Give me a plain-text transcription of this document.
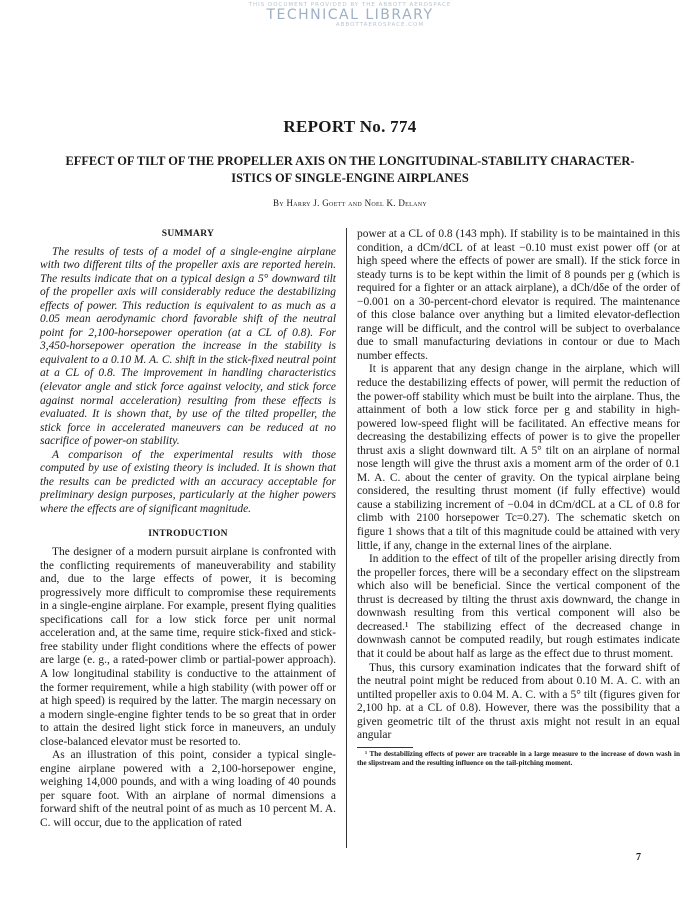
THIS DOCUMENT PROVIDED BY THE ABBOTT AEROSPACE
TECHNICAL LIBRARY
ABBOTTAEROSPACE.COM
REPORT No. 774
EFFECT OF TILT OF THE PROPELLER AXIS ON THE LONGITUDINAL-STABILITY CHARACTER-
ISTICS OF SINGLE-ENGINE AIRPLANES
By Harry J. Goett and Noel K. Delany
SUMMARY

The results of tests of a model of a single-engine airplane with two different tilts of the propeller axis are reported herein. The results indicate that on a typical design a 5° downward tilt of the propeller axis will considerably reduce the destabilizing effects of power. This reduction is equivalent to as much as a 0.05 mean aerodynamic chord favorable shift of the neutral point for 2,100-horsepower operation (at a CL of 0.8). For 3,450-horsepower operation the increase in the stability is equivalent to a 0.10 M. A. C. shift in the stick-fixed neutral point at a CL of 0.8. The improvement in handling characteristics (elevator angle and stick force against velocity, and stick force against normal acceleration) resulting from these effects is evaluated. It is shown that, by use of the tilted propeller, the stick force in accelerated maneuvers can be reduced at no sacrifice of power-on stability.

A comparison of the experimental results with those computed by use of existing theory is included. It is shown that the results can be predicted with an accuracy acceptable for preliminary design purposes, particularly at the higher powers where the effects are of significant magnitude.

INTRODUCTION

The designer of a modern pursuit airplane is confronted with the conflicting requirements of maneuverability and stability and, due to the large effects of power, it is becoming progressively more difficult to compromise these requirements in a single-engine airplane. For example, present flying qualities specifications call for a low stick force per unit normal acceleration and, at the same time, require stick-fixed and stick-free stability under flight conditions where the effects of power are large (e. g., a rated-power climb or partial-power approach). A low longitudinal stability is conductive to the attainment of the former requirement, while a high stability (with power off or at high speed) is required by the latter. The margin necessary on a modern single-engine fighter tends to be so great that in order to attain the desired light stick force in maneuvers, an unduly close-balanced elevator must be resorted to.

As an illustration of this point, consider a typical single-engine airplane powered with a 2,100-horsepower engine, weighing 14,000 pounds, and with a wing loading of 40 pounds per square foot. With an airplane of normal dimensions a forward shift of the neutral point of as much as 10 percent M. A. C. will occur, due to the application of rated

power at a CL of 0.8 (143 mph). If stability is to be maintained in this condition, a dCm/dCL of at least −0.10 must exist power off (or at high speed where the effects of power are small). If the stick force in steady turns is to be kept within the limit of 8 pounds per g (which is required for a fighter or an attack airplane), a dCh/dδe of the order of −0.001 on a 30-percent-chord elevator is required. The maintenance of this close balance over anything but a limited elevator-deflection range will be difficult, and the control will be subject to overbalance due to small manufacturing deviations in contour or due to Mach number effects.

It is apparent that any design change in the airplane, which will reduce the destabilizing effects of power, will permit the reduction of the power-off stability which must be built into the airplane. Thus, the attainment of both a low stick force per g and stability in high-powered low-speed flight will be facilitated. An effective means for decreasing the destabilizing effects of power is to give the propeller thrust axis a slight downward tilt. A 5° tilt on an airplane of normal nose length will give the thrust axis a moment arm of the order of 0.1 M. A. C. about the center of gravity. On the typical airplane being considered, the resulting thrust moment (if fully effective) would cause a stabilizing increment of −0.04 in dCm/dCL at a CL of 0.8 for climb with 2100 horsepower Tc=0.27). The schematic sketch on figure 1 shows that a tilt of this magnitude could be attained with very little, if any, change in the external lines of the airplane.

In addition to the effect of tilt of the propeller arising directly from the propeller forces, there will be a secondary effect on the slipstream which also will be beneficial. Since the vertical component of the thrust is decreased by tilting the thrust axis downward, the change in downwash resulting from this vertical component will also be decreased.¹ The stabilizing effect of the decreased change in downwash cannot be computed readily, but rough estimates indicate that it could be about half as large as the effect due to thrust moment.

Thus, this cursory examination indicates that the forward shift of the neutral point might be reduced from about 0.10 M. A. C. with an untilted propeller axis to 0.04 M. A. C. with a 5° tilt (figures given for 2,100 hp. at a CL of 0.8). However, there was the possibility that a given geometric tilt of the thrust axis might not result in an equal angular

¹ The destabilizing effects of power are traceable in a large measure to the increase of down wash in the slipstream and the resulting influence on the tail-pitching moment.
7
